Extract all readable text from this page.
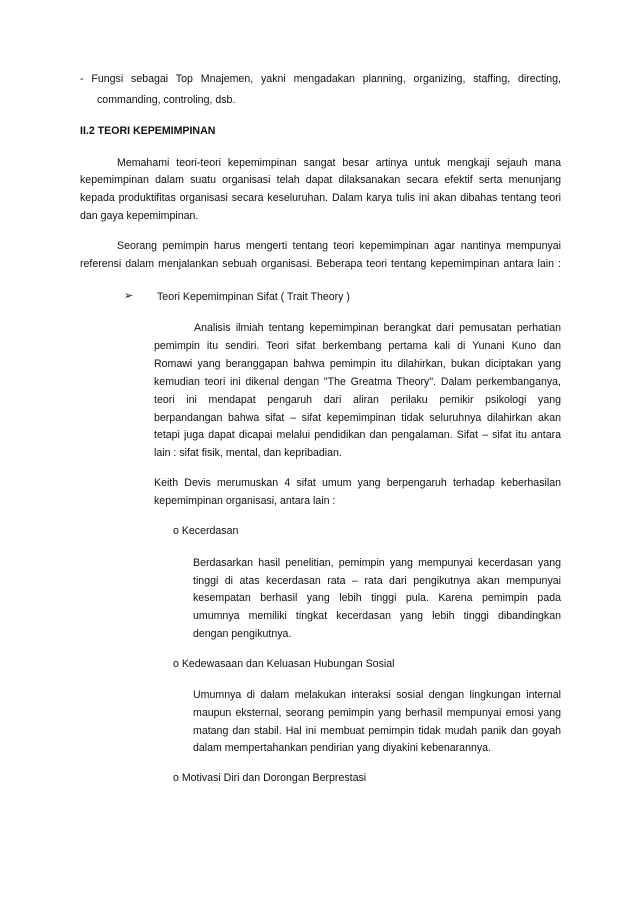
- Fungsi sebagai Top Mnajemen, yakni mengadakan planning, organizing, staffing, directing,
commanding, controling, dsb.
II.2 TEORI KEPEMIMPINAN
Memahami teori-teori kepemimpinan sangat besar artinya untuk mengkaji sejauh mana
kepemimpinan dalam suatu organisasi telah dapat dilaksanakan secara efektif serta menunjang
kepada produktifitas organisasi secara keseluruhan. Dalam karya tulis ini akan dibahas tentang teori
dan gaya kepemimpinan.
Seorang pemimpin harus mengerti tentang teori kepemimpinan agar nantinya mempunyai
referensi dalam menjalankan sebuah organisasi. Beberapa teori tentang kepemimpinan antara lain :
➢ Teori Kepemimpinan Sifat ( Trait Theory )
Analisis ilmiah tentang kepemimpinan berangkat dari pemusatan perhatian
pemimpin itu sendiri. Teori sifat berkembang pertama kali di Yunani Kuno dan
Romawi yang beranggapan bahwa pemimpin itu dilahirkan, bukan diciptakan yang
kemudian teori ini dikenal dengan "The Greatma Theory". Dalam perkembanganya,
teori ini mendapat pengaruh dari aliran perilaku pemikir psikologi yang
berpandangan bahwa sifat – sifat kepemimpinan tidak seluruhnya dilahirkan akan
tetapi juga dapat dicapai melalui pendidikan dan pengalaman. Sifat – sifat itu antara
lain : sifat fisik, mental, dan kepribadian.
Keith Devis merumuskan 4 sifat umum yang berpengaruh terhadap keberhasilan
kepemimpinan organisasi, antara lain :
o Kecerdasan
Berdasarkan hasil penelitian, pemimpin yang mempunyai kecerdasan yang
tinggi di atas kecerdasan rata – rata dari pengikutnya akan mempunyai
kesempatan berhasil yang lebih tinggi pula. Karena pemimpin pada
umumnya memiliki tingkat kecerdasan yang lebih tinggi dibandingkan
dengan pengikutnya.
o Kedewasaan dan Keluasan Hubungan Sosial
Umumnya di dalam melakukan interaksi sosial dengan lingkungan internal
maupun eksternal, seorang pemimpin yang berhasil mempunyai emosi yang
matang dan stabil. Hal ini membuat pemimpin tidak mudah panik dan goyah
dalam mempertahankan pendirian yang diyakini kebenarannya.
o Motivasi Diri dan Dorongan Berprestasi
